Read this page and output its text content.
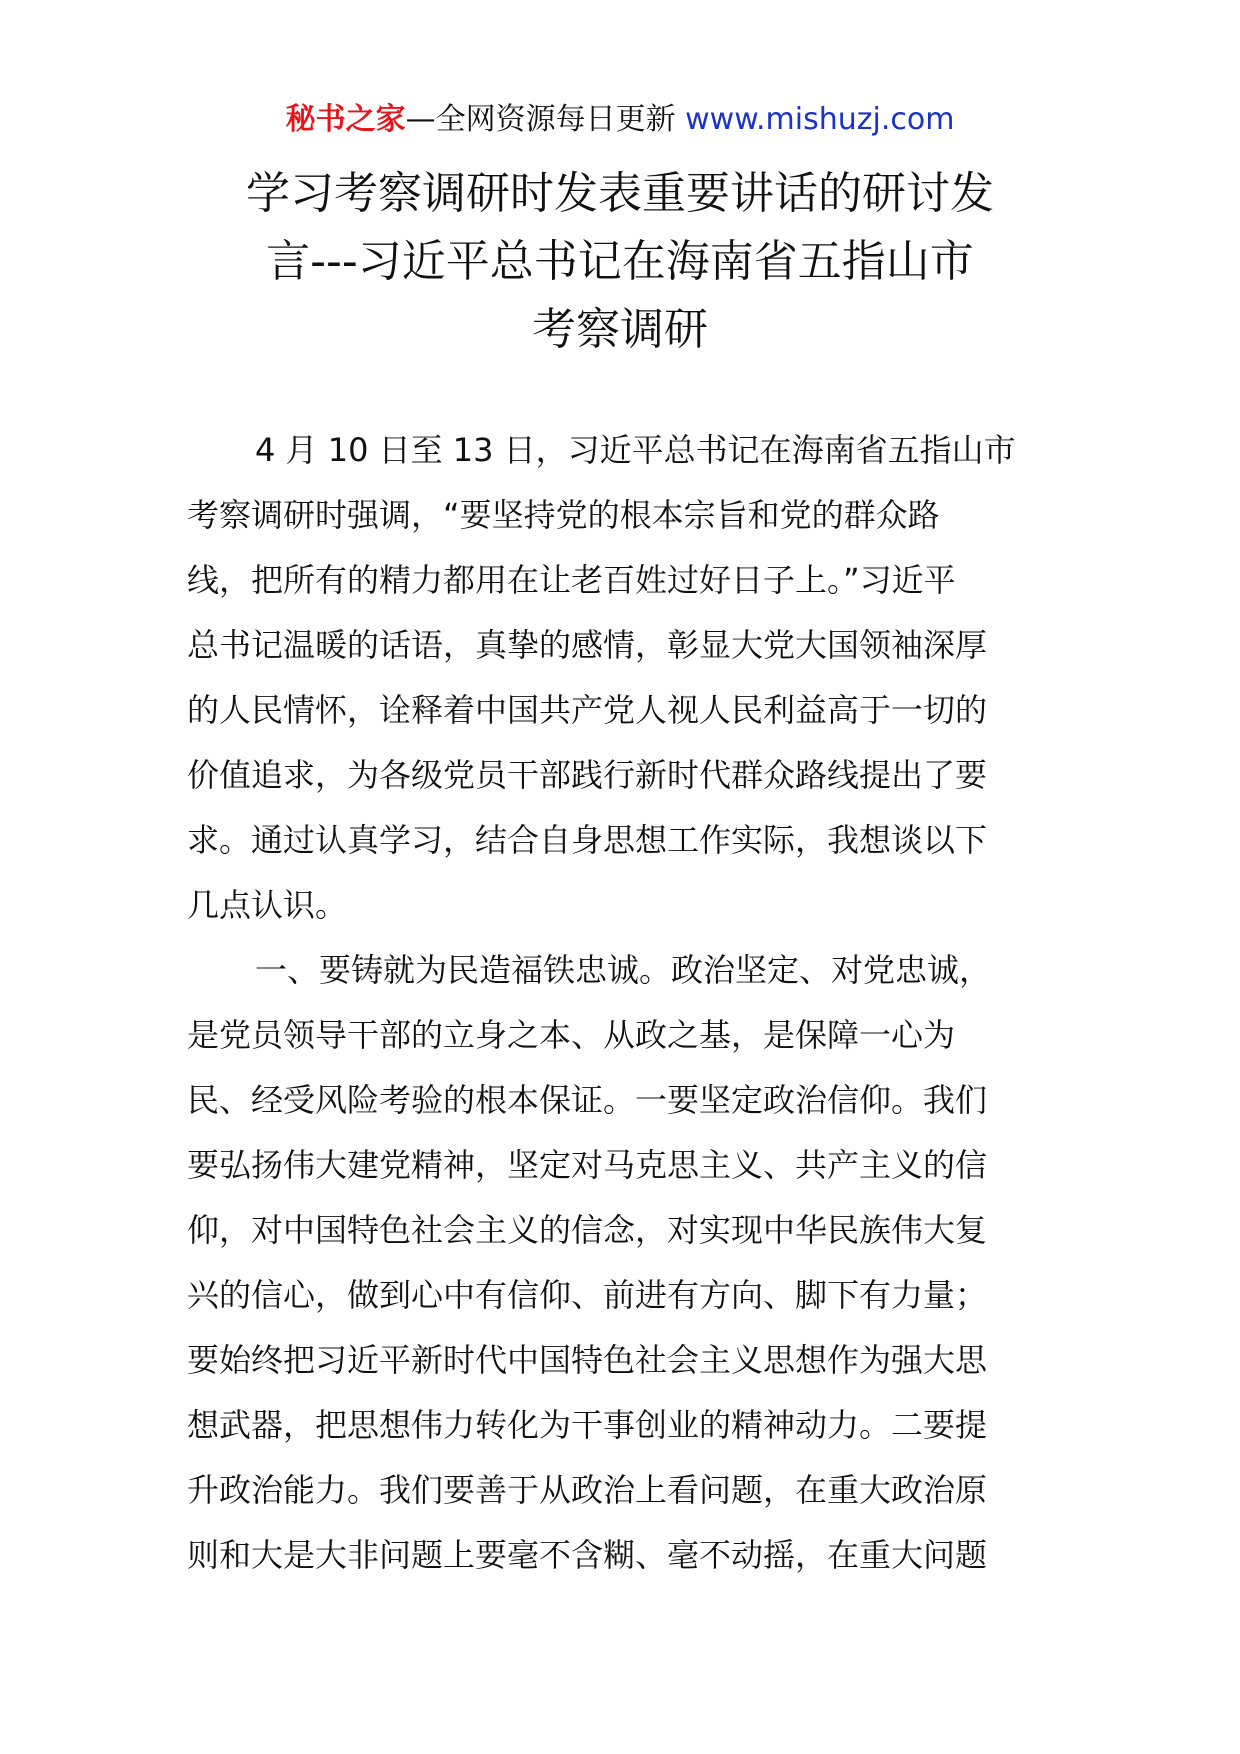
秘书之家—全网资源每日更新 www.mishuzj.com
学习考察调研时发表重要讲话的研讨发
言---习近平总书记在海南省五指山市
考察调研
4 月 10 日至 13 日，习近平总书记在海南省五指山市
考察调研时强调，“要坚持党的根本宗旨和党的群众路
线，把所有的精力都用在让老百姓过好日子上。”习近平
总书记温暖的话语，真挚的感情，彰显大党大国领袖深厚
的人民情怀，诠释着中国共产党人视人民利益高于一切的
价值追求，为各级党员干部践行新时代群众路线提出了要
求。通过认真学习，结合自身思想工作实际，我想谈以下
几点认识。
一、要铸就为民造福铁忠诚。政治坚定、对党忠诚，
是党员领导干部的立身之本、从政之基，是保障一心为
民、经受风险考验的根本保证。一要坚定政治信仰。我们
要弘扬伟大建党精神，坚定对马克思主义、共产主义的信
仰，对中国特色社会主义的信念，对实现中华民族伟大复
兴的信心，做到心中有信仰、前进有方向、脚下有力量；
要始终把习近平新时代中国特色社会主义思想作为强大思
想武器，把思想伟力转化为干事创业的精神动力。二要提
升政治能力。我们要善于从政治上看问题，在重大政治原
则和大是大非问题上要毫不含糊、毫不动摇，在重大问题
